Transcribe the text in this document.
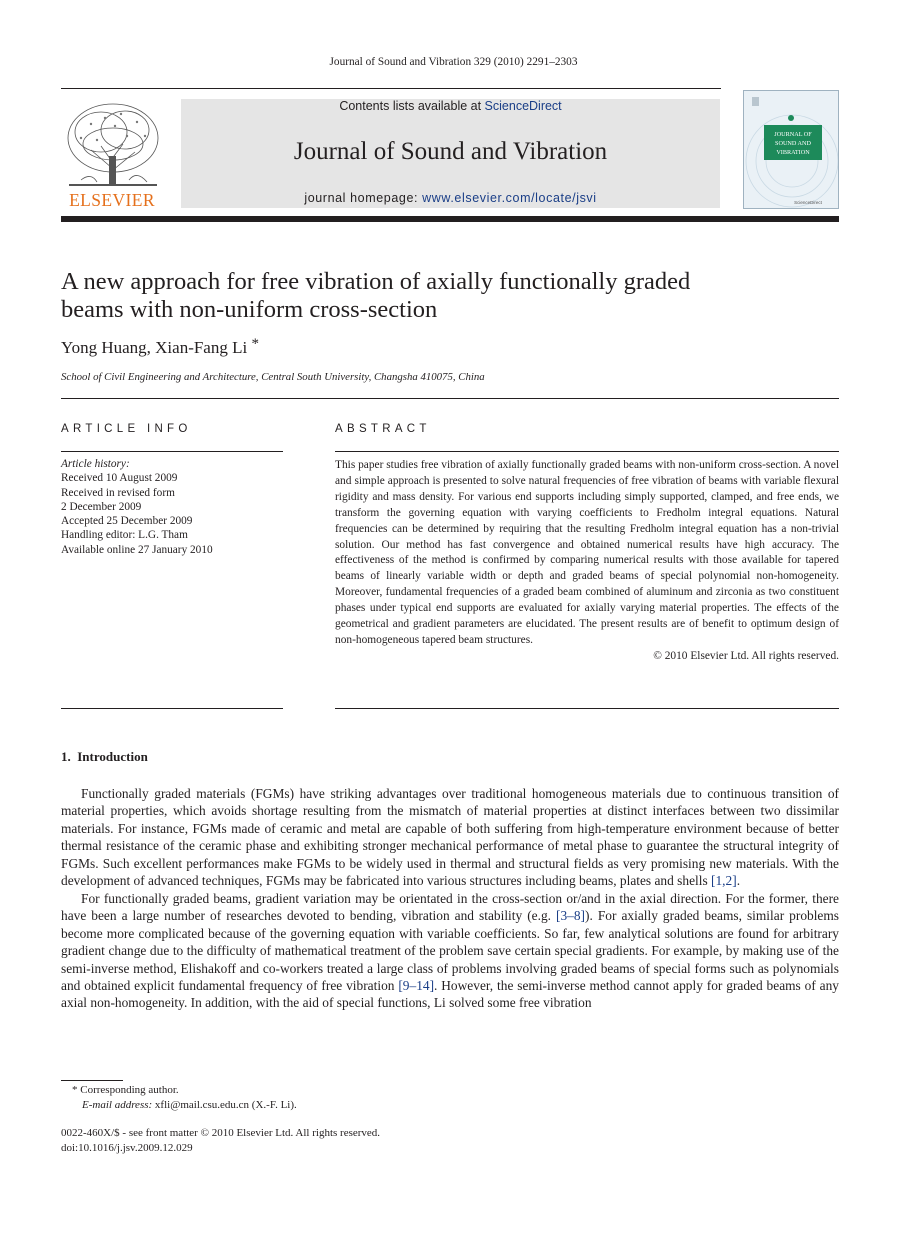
Journal of Sound and Vibration 329 (2010) 2291–2303
ELSEVIER
Contents lists available at ScienceDirect
Journal of Sound and Vibration
journal homepage: www.elsevier.com/locate/jsvi
JOURNAL OF
SOUND AND
VIBRATION
ScienceDirect
A new approach for free vibration of axially functionally graded
beams with non-uniform cross-section
Yong Huang, Xian-Fang Li *
School of Civil Engineering and Architecture, Central South University, Changsha 410075, China
ARTICLE INFO
Article history:
Received 10 August 2009
Received in revised form
2 December 2009
Accepted 25 December 2009
Handling editor: L.G. Tham
Available online 27 January 2010
ABSTRACT
This paper studies free vibration of axially functionally graded beams with non-uniform cross-section. A novel and simple approach is presented to solve natural frequencies of free vibration of beams with variable flexural rigidity and mass density. For various end supports including simply supported, clamped, and free ends, we transform the governing equation with varying coefficients to Fredholm integral equations. Natural frequencies can be determined by requiring that the resulting Fredholm integral equation has a non-trivial solution. Our method has fast convergence and obtained numerical results have high accuracy. The effectiveness of the method is confirmed by comparing numerical results with those available for tapered beams of linearly variable width or depth and graded beams of special polynomial non-homogeneity. Moreover, fundamental frequencies of a graded beam combined of aluminum and zirconia as two constituent phases under typical end supports are evaluated for axially varying material properties. The effects of the geometrical and gradient parameters are elucidated. The present results are of benefit to optimum design of non-homogeneous tapered beam structures.
© 2010 Elsevier Ltd. All rights reserved.
1.  Introduction

Functionally graded materials (FGMs) have striking advantages over traditional homogeneous materials due to continuous transition of material properties, which avoids shortage resulting from the mismatch of material properties at distinct interfaces between two dissimilar materials. For instance, FGMs made of ceramic and metal are capable of both suffering from high-temperature environment because of better thermal resistance of the ceramic phase and exhibiting stronger mechanical performance of metal phase to guarantee the structural integrity of FGMs. Such excellent performances make FGMs to be widely used in thermal and structural fields as very promising new materials. With the development of advanced techniques, FGMs may be fabricated into various structures including beams, plates and shells [1,2].

For functionally graded beams, gradient variation may be orientated in the cross-section or/and in the axial direction. For the former, there have been a large number of researches devoted to bending, vibration and stability (e.g. [3–8]). For axially graded beams, similar problems become more complicated because of the governing equation with variable coefficients. So far, few analytical solutions are found for arbitrary gradient change due to the difficulty of mathematical treatment of the problem save certain special gradients. For example, by making use of the semi-inverse method, Elishakoff and co-workers treated a large class of problems involving graded beams of special forms such as polynomials and obtained explicit fundamental frequency of free vibration [9–14]. However, the semi-inverse method cannot apply for graded beams of any axial non-homogeneity. In addition, with the aid of special functions, Li solved some free vibration

* Corresponding author.
E-mail address: xfli@mail.csu.edu.cn (X.-F. Li).
0022-460X/$ - see front matter © 2010 Elsevier Ltd. All rights reserved.
doi:10.1016/j.jsv.2009.12.029
